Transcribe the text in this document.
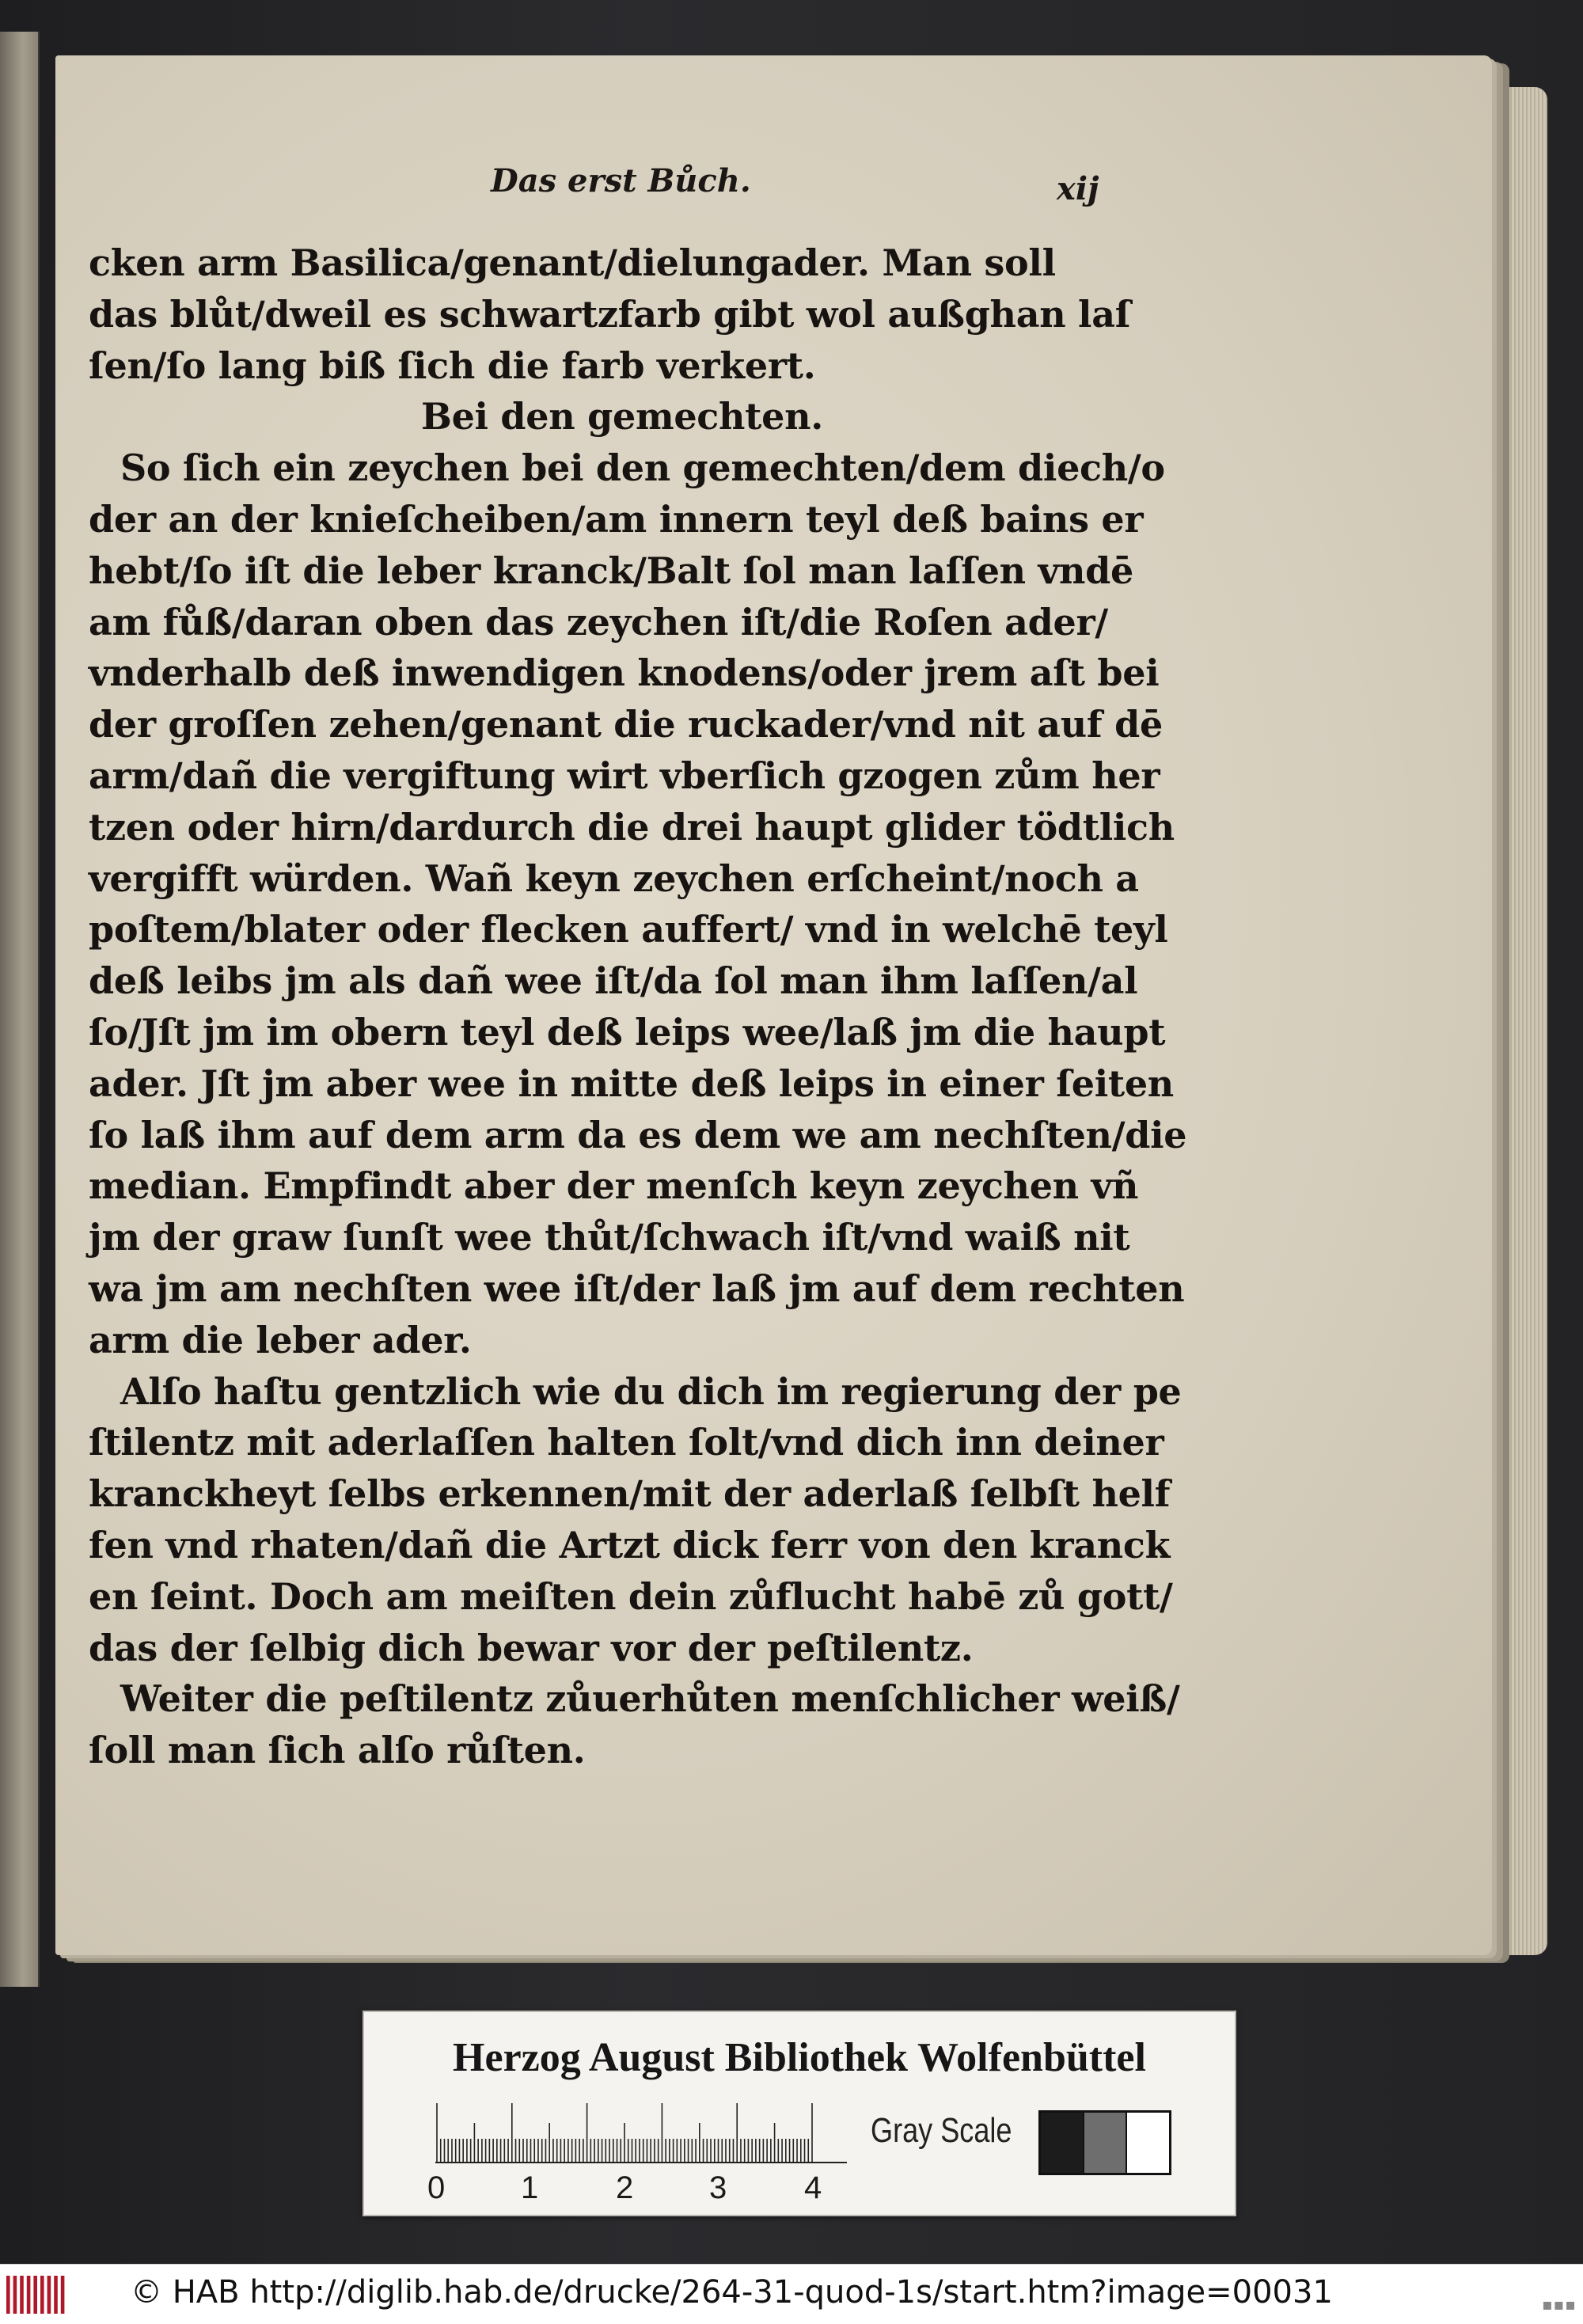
Das erst Bůch.	xij
cken arm Basilica/genant/dielungader. Man soll
das blůt/dweil es schwartzfarb gibt wol außghan laſ
ſen/ſo lang biß ſich die farb verkert.
Bei den gemechten.
So ſich ein zeychen bei den gemechten/dem diech/o
der an der knieſcheiben/am innern teyl deß bains er
hebt/ſo iſt die leber kranck/Balt ſol man laſſen vndē
am fůß/daran oben das zeychen iſt/die Roſen ader/
vnderhalb deß inwendigen knodens/oder jrem aſt bei
der groſſen zehen/genant die ruckader/vnd nit auf dē
arm/dañ die vergiftung wirt vberſich gzogen zům her
tzen oder hirn/dardurch die drei haupt glider tödtlich
vergifft würden. Wañ keyn zeychen erſcheint/noch a
poſtem/blater oder flecken auffert/ vnd in welchē teyl
deß leibs jm als dañ wee iſt/da ſol man ihm laſſen/al
ſo/Jſt jm im obern teyl deß leips wee/laß jm die haupt
ader. Jſt jm aber wee in mitte deß leips in einer ſeiten
ſo laß ihm auf dem arm da es dem we am nechſten/die
median. Empfindt aber der menſch keyn zeychen vñ
jm der graw ſunſt wee thůt/ſchwach iſt/vnd waiß nit
wa jm am nechſten wee iſt/der laß jm auf dem rechten
arm die leber ader.
Alſo haſtu gentzlich wie du dich im regierung der pe
ſtilentz mit aderlaſſen halten ſolt/vnd dich inn deiner
kranckheyt ſelbs erkennen/mit der aderlaß ſelbſt helf
fen vnd rhaten/dañ die Artzt dick ferr von den kranck
en ſeint. Doch am meiſten dein zůflucht habē zů gott/
das der ſelbig dich bewar vor der peſtilentz.
Weiter die peſtilentz zůuerhůten menſchlicher weiß/
ſoll man ſich alſo růſten.
Herzog August Bibliothek Wolfenbüttel
0 1 2 3 4
Gray Scale
© HAB http://diglib.hab.de/drucke/264-31-quod-1s/start.htm?image=00031	▪▪▪
